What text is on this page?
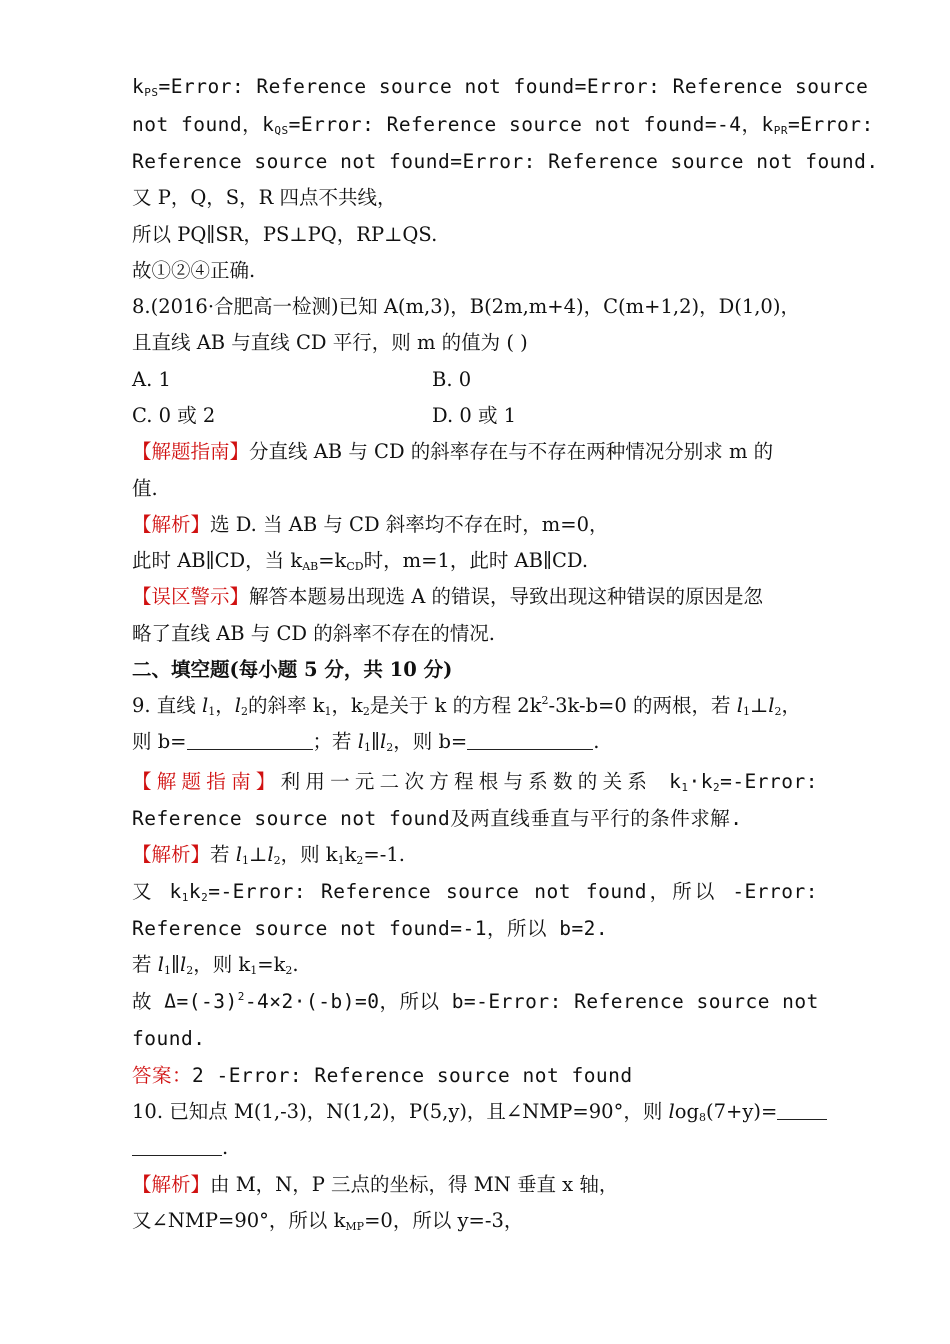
$k_{PS}=Error$: Reference source not found=Error: Reference source
not found，$k_{QS}=Error$: Reference source not found=-4，$k_{PR}=Error$:
Reference source not found=Error: Reference source not found.
又 P，Q，S，R 四点不共线，
所以 PQ∥SR，PS⊥PQ，RP⊥QS.
故①②④正确.
8.(2016·合肥高一检测)已知 A(m,3)，B(2m,m+4)，C(m+1,2)，D(1,0)，
且直线 AB 与直线 CD 平行，则 m 的值为 ( )
A. 1	B. 0
C. 0 或 2	D. 0 或 1
【解题指南】分直线 AB 与 CD 的斜率存在与不存在两种情况分别求 m 的
值.
【解析】选 D. 当 AB 与 CD 斜率均不存在时，m=0，
此时 AB∥CD，当 $k_{AB}=k_{CD}$时，m=1，此时 AB∥CD.
【误区警示】解答本题易出现选 A 的错误，导致出现这种错误的原因是忽
略了直线 AB 与 CD 的斜率不存在的情况.
二、填空题(每小题 5 分，共 10 分)
9. 直线 $l_1$，$l_2$的斜率 $k_1$，$k_2$是关于 k 的方程 $2k^2-3k-b=0$ 的两根，若 $l_1\perp l_2$，
则 b=	；若 $l_1\parallel l_2$，则 b=	.
【解题指南】利用一元二次方程根与系数的关系 $k_1\cdot k_2=$-Error:
Reference source not found及两直线垂直与平行的条件求解.
【解析】若 $l_1\perp l_2$，则 $k_1k_2=-1$.
又 $k_1k_2=$-Error: Reference source not found，所以 -Error:
Reference source not found=-1，所以 b=2.
若 $l_1\parallel l_2$，则 $k_1=k_2$.
故 $\Delta=(-3)^2-4\times 2\cdot(-b)=0$，所以 b=-Error: Reference source not
found.
答案：2 -Error: Reference source not found
10. 已知点 M(1,-3)，N(1,2)，P(5,y)，且∠NMP=90°，则 $\log_8(7+y)=$
.
【解析】由 M，N，P 三点的坐标，得 MN 垂直 x 轴，
又∠NMP=90°，所以 $k_{MP}=0$，所以 y=-3，
